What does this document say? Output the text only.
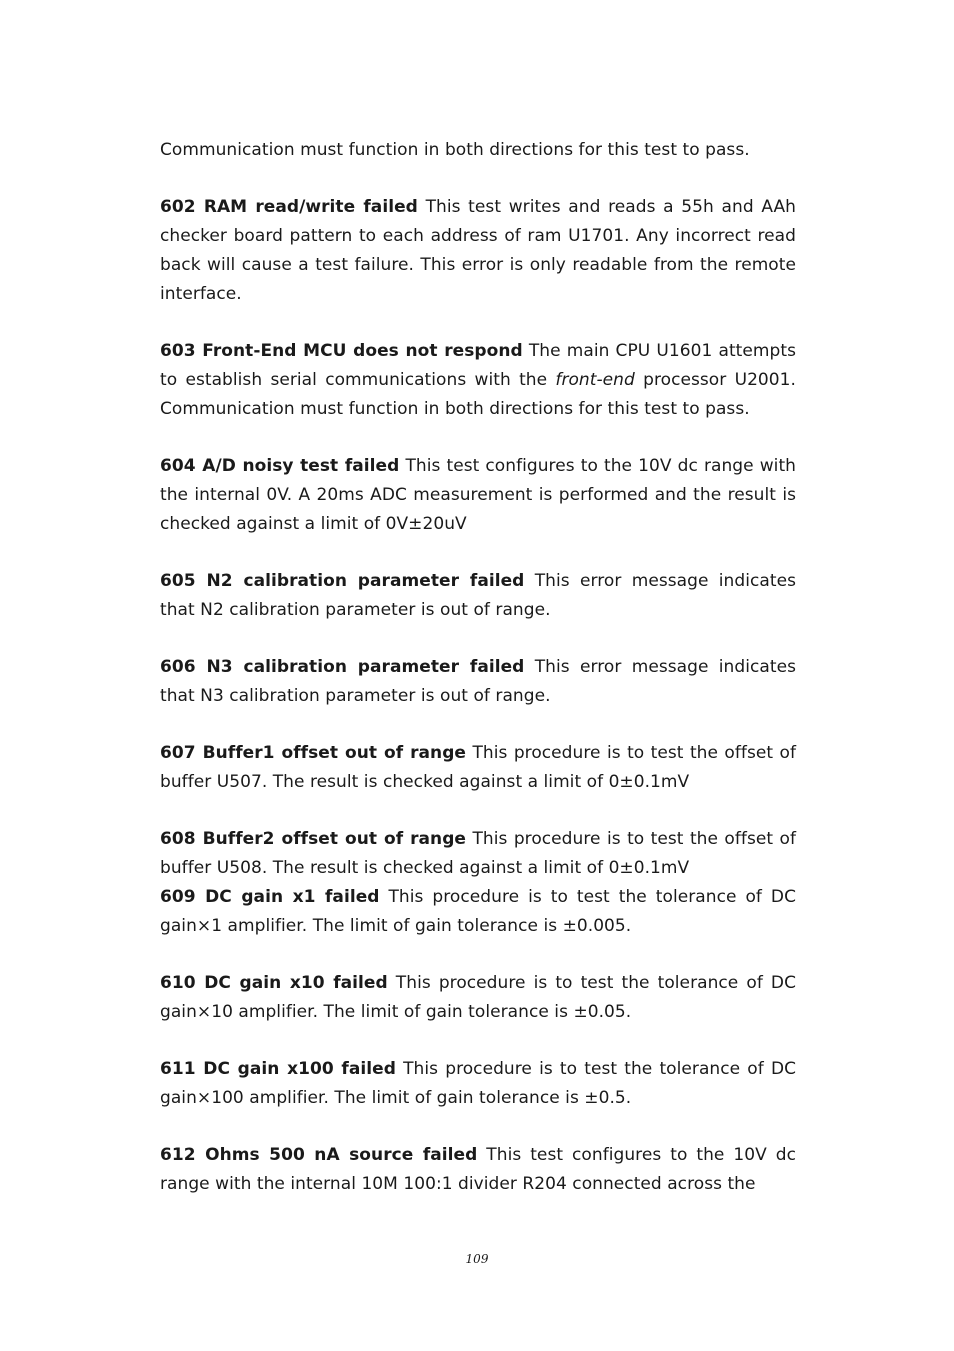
Communication must function in both directions for this test to pass.

602 RAM read/write failed This test writes and reads a 55h and AAh checker board pattern to each address of ram U1701. Any incorrect read back will cause a test failure. This error is only readable from the remote interface.

603 Front-End MCU does not respond The main CPU U1601 attempts to establish serial communications with the front-end processor U2001. Communication must function in both directions for this test to pass.

604 A/D noisy test failed This test configures to the 10V dc range with the internal 0V. A 20ms ADC measurement is performed and the result is checked against a limit of 0V±20uV

605 N2 calibration parameter failed This error message indicates that N2 calibration parameter is out of range.

606 N3 calibration parameter failed This error message indicates that N3 calibration parameter is out of range.

607 Buffer1 offset out of range This procedure is to test the offset of buffer U507. The result is checked against a limit of 0±0.1mV

608 Buffer2 offset out of range This procedure is to test the offset of buffer U508. The result is checked against a limit of 0±0.1mV

609 DC gain x1 failed This procedure is to test the tolerance of DC gain×1 amplifier. The limit of gain tolerance is ±0.005.

610 DC gain x10 failed This procedure is to test the tolerance of DC gain×10 amplifier. The limit of gain tolerance is ±0.05.

611 DC gain x100 failed This procedure is to test the tolerance of DC gain×100 amplifier. The limit of gain tolerance is ±0.5.

612 Ohms 500 nA source failed This test configures to the 10V dc range with the internal 10M 100:1 divider R204 connected across the

109
